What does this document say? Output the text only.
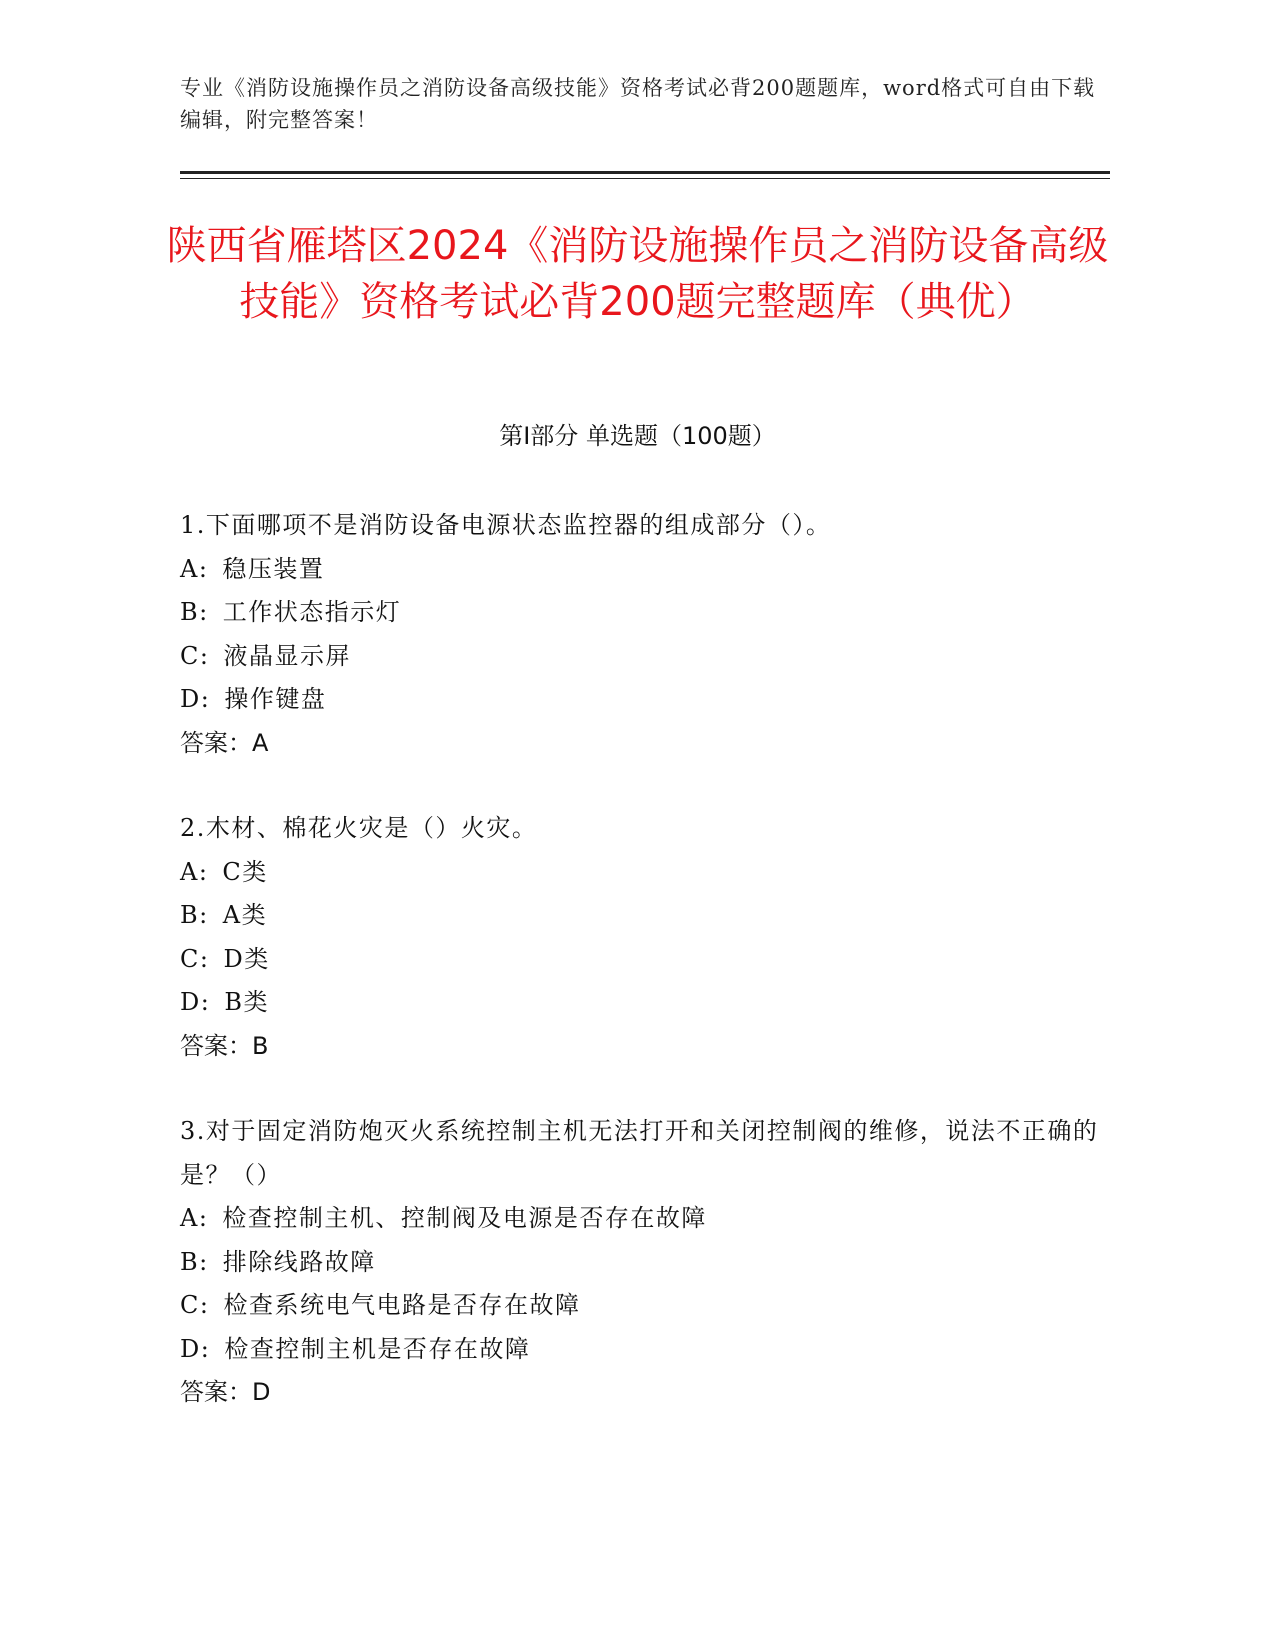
专业《消防设施操作员之消防设备高级技能》资格考试必背200题题库，word格式可自由下载编辑，附完整答案！
陕西省雁塔区2024《消防设施操作员之消防设备高级技能》资格考试必背200题完整题库（典优）
第I部分 单选题（100题）
1.下面哪项不是消防设备电源状态监控器的组成部分（）。
A: 稳压装置
B: 工作状态指示灯
C: 液晶显示屏
D: 操作键盘
答案：A
2.木材、棉花火灾是（）火灾。
A: C类
B: A类
C: D类
D: B类
答案：B
3.对于固定消防炮灭火系统控制主机无法打开和关闭控制阀的维修，说法不正确的是？（）
A: 检查控制主机、控制阀及电源是否存在故障
B: 排除线路故障
C: 检查系统电气电路是否存在故障
D: 检查控制主机是否存在故障
答案：D
